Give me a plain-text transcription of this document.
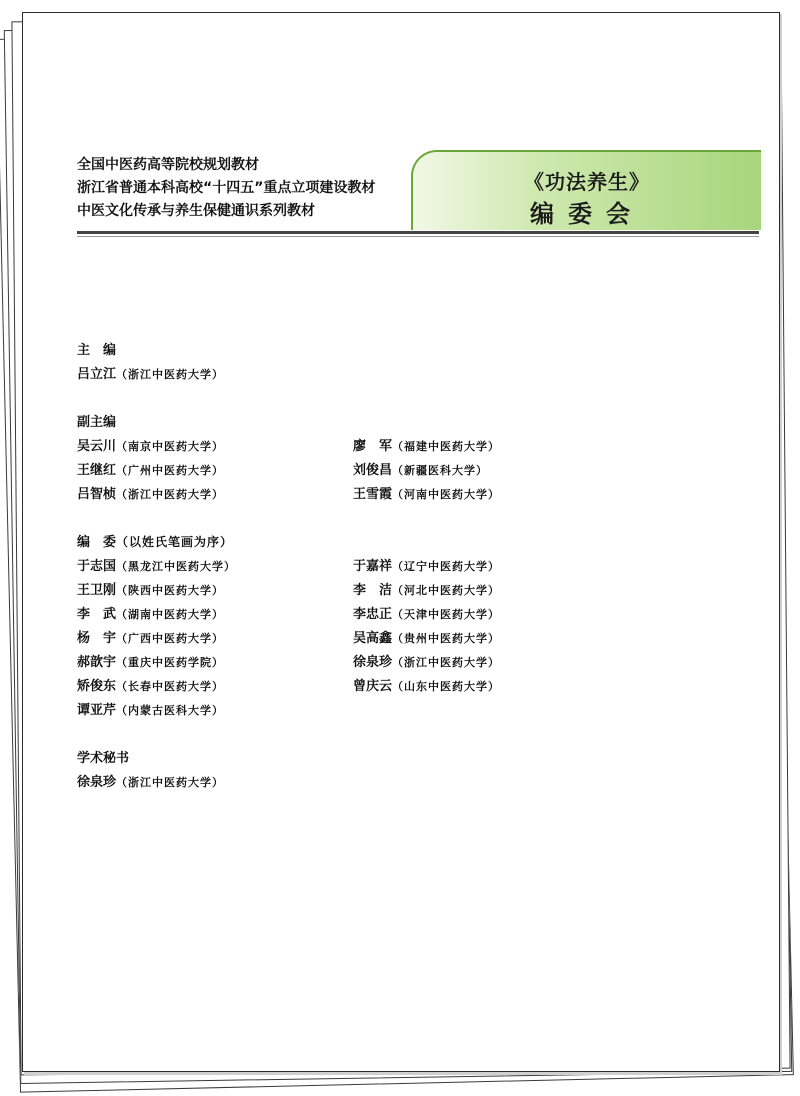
全国中医药高等院校规划教材
浙江省普通本科高校“十四五”重点立项建设教材
中医文化传承与养生保健通识系列教材
《功法养生》
编委会
主　编
吕立江（浙江中医药大学）
副主编
吴云川（南京中医药大学）
王继红（广州中医药大学）
吕智桢（浙江中医药大学）
廖　军（福建中医药大学）
刘俊昌（新疆医科大学）
王雪霞（河南中医药大学）
编　委（以姓氏笔画为序）
于志国（黑龙江中医药大学）
王卫刚（陕西中医药大学）
李　武（湖南中医药大学）
杨　宇（广西中医药大学）
郝歆宇（重庆中医药学院）
矫俊东（长春中医药大学）
谭亚芹（内蒙古医科大学）
于嘉祥（辽宁中医药大学）
李　洁（河北中医药大学）
李忠正（天津中医药大学）
吴高鑫（贵州中医药大学）
徐泉珍（浙江中医药大学）
曾庆云（山东中医药大学）
学术秘书
徐泉珍（浙江中医药大学）
